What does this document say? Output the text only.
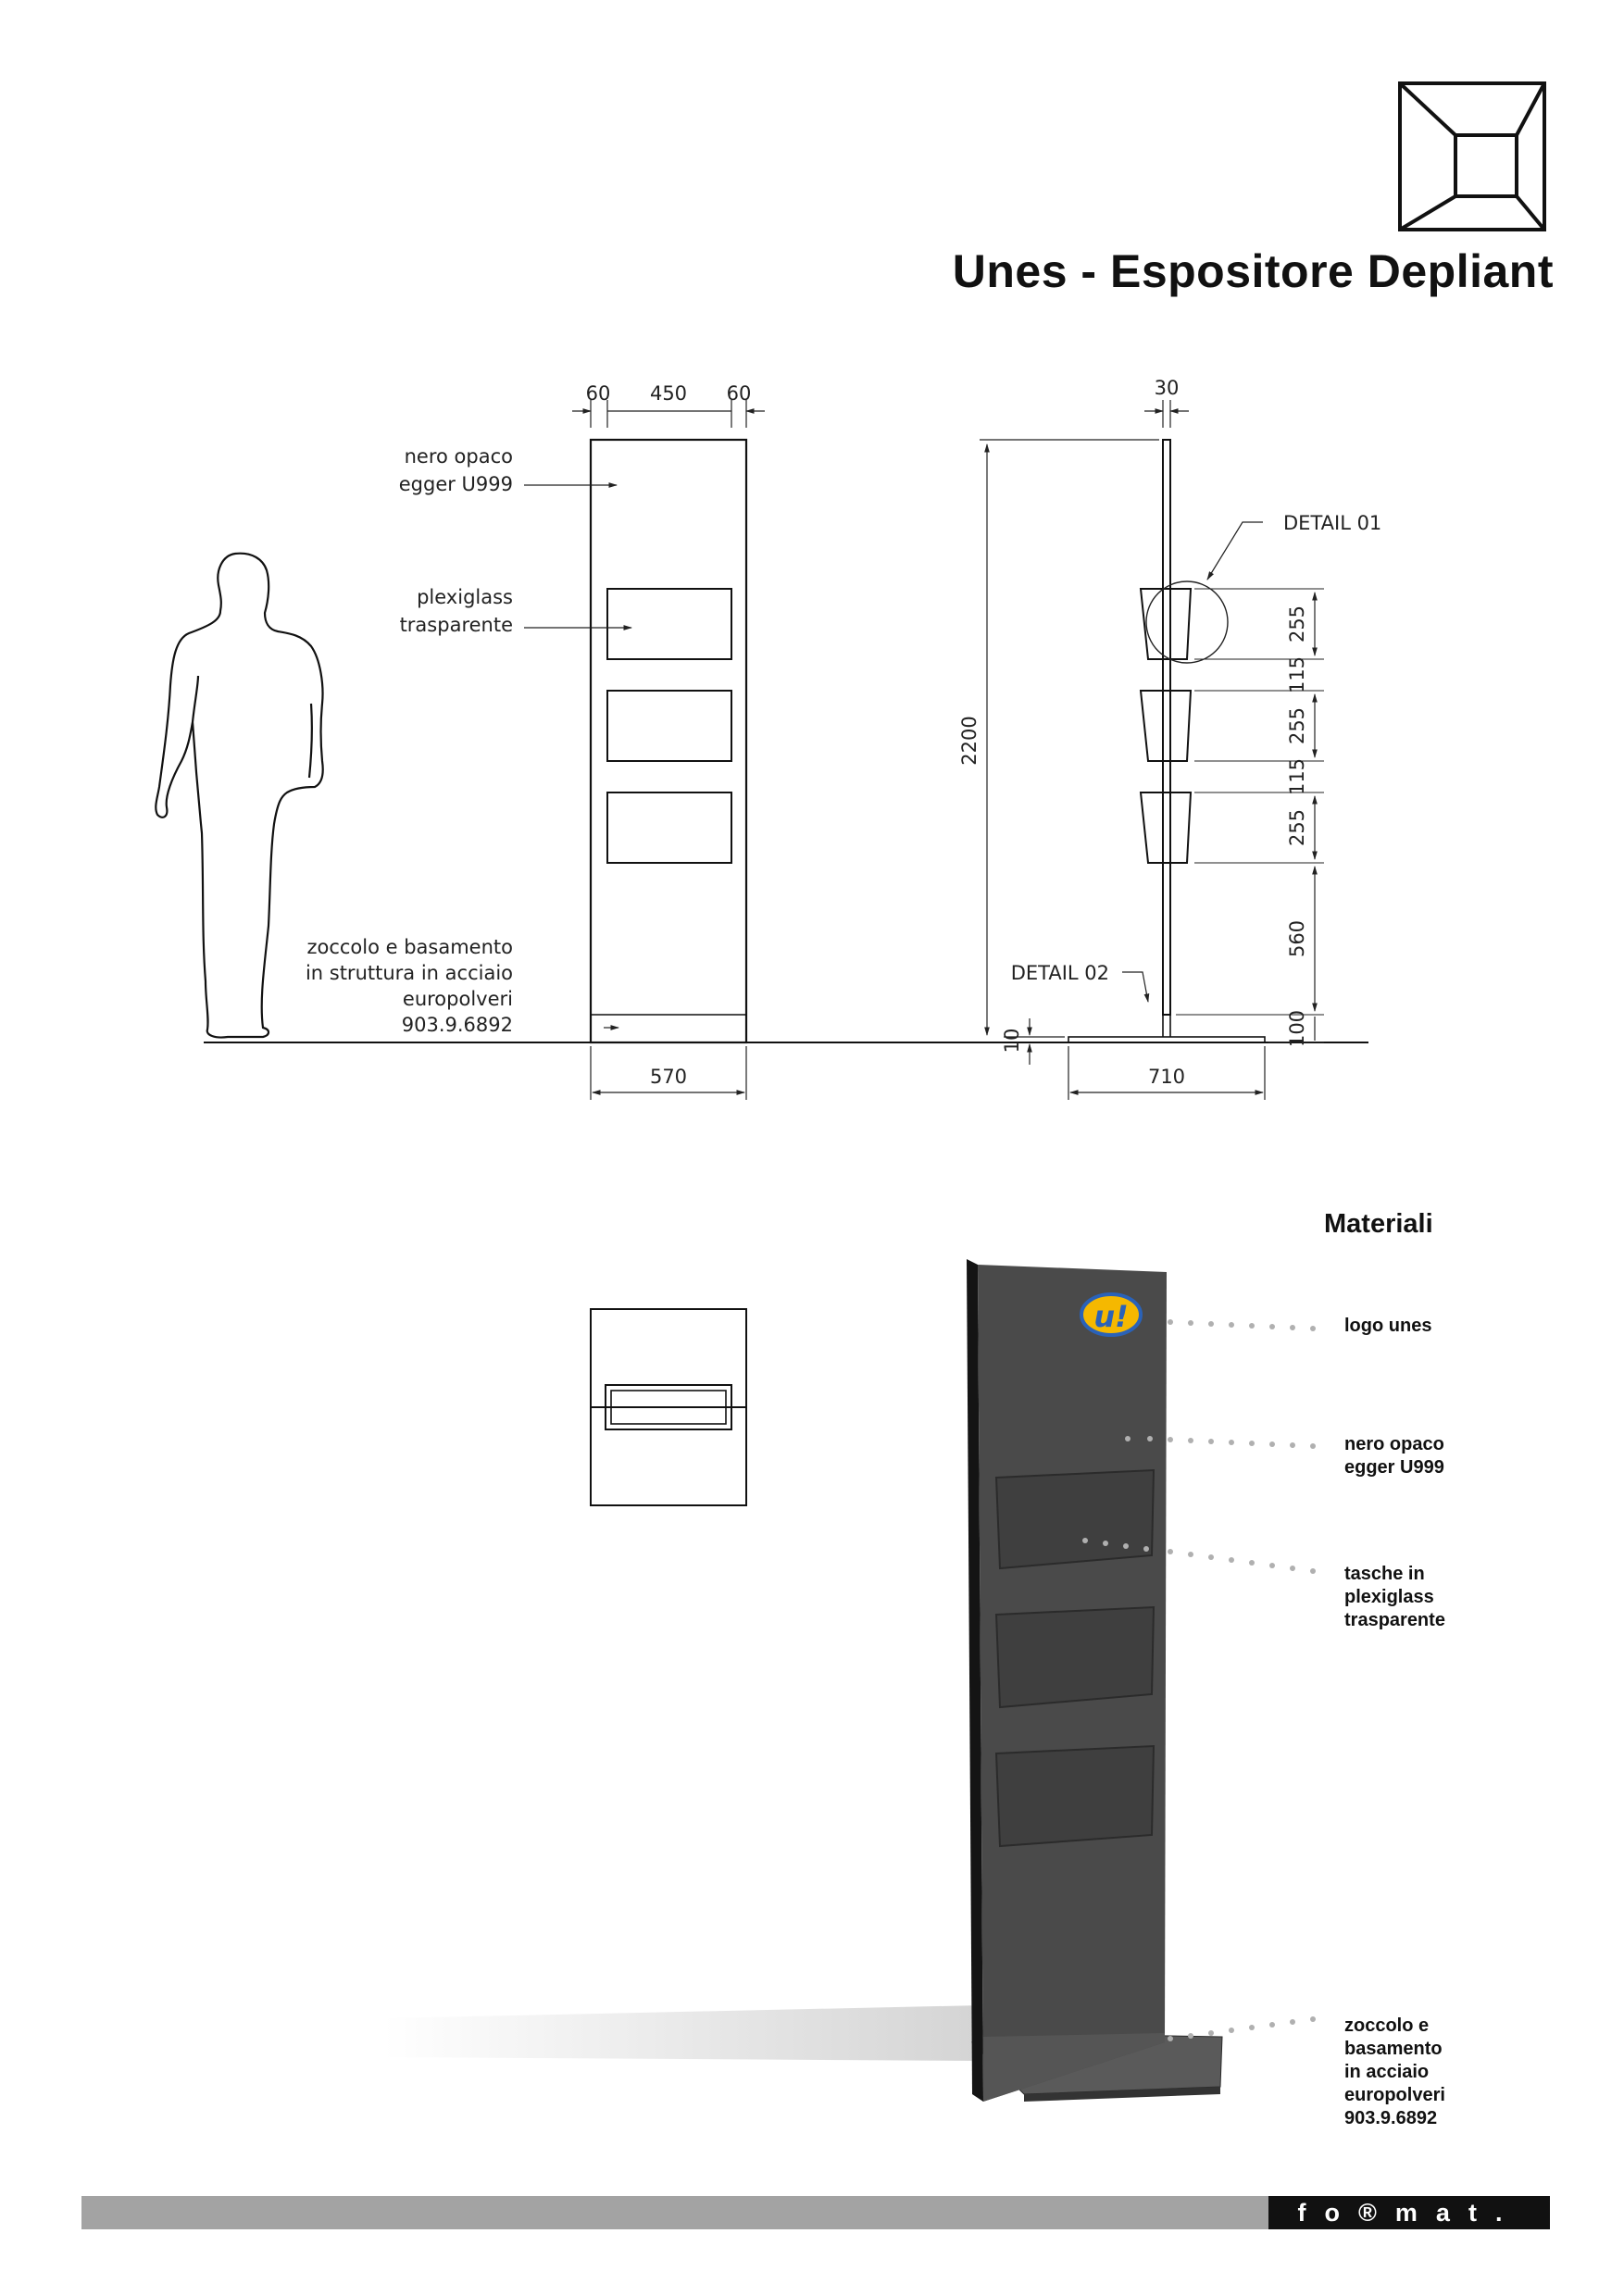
Unes - Espositore Depliant
60 450 60
570
nero opaco
egger U999
plexiglass
trasparente
zoccolo e basamento
in struttura in acciaio
europolveri
903.9.6892
30
2200
10
710
DETAIL 01
DETAIL 02
255
115
255
115
255
560
100
u!
Materiali
logo unes
nero opaco
egger U999
tasche in
plexiglass
trasparente
zoccolo e
basamento
in acciaio
europolveri
903.9.6892
fo®mat.
